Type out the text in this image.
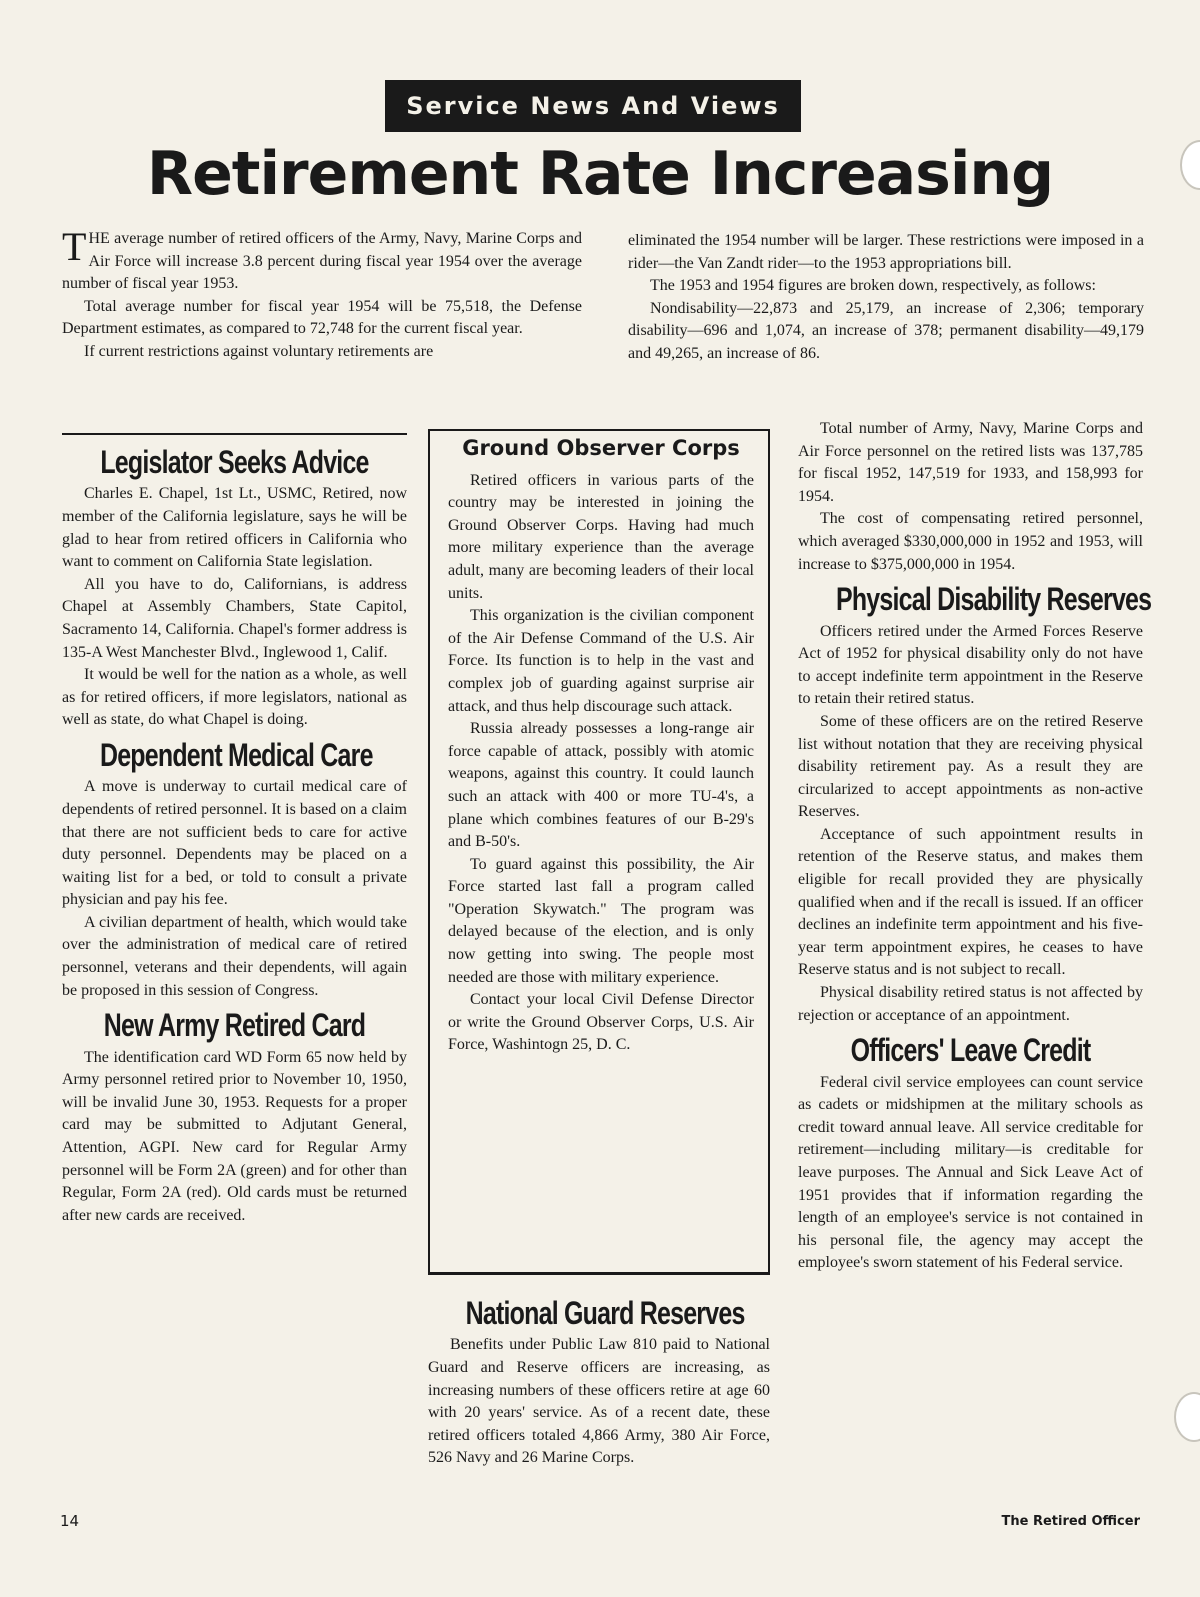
Service News And Views
Retirement Rate Increasing

THE average number of retired officers of the Army, Navy, Marine Corps and Air Force will increase 3.8 percent during fiscal year 1954 over the average number of fiscal year 1953.

Total average number for fiscal year 1954 will be 75,518, the Defense Department estimates, as compared to 72,748 for the current fiscal year.

If current restrictions against voluntary retirements are

eliminated the 1954 number will be larger. These restrictions were imposed in a rider—the Van Zandt rider—to the 1953 appropriations bill.

The 1953 and 1954 figures are broken down, respectively, as follows:

Nondisability—22,873 and 25,179, an increase of 2,306; temporary disability—696 and 1,074, an increase of 378; permanent disability—49,179 and 49,265, an increase of 86.

Legislator Seeks Advice

Charles E. Chapel, 1st Lt., USMC, Retired, now member of the California legislature, says he will be glad to hear from retired officers in California who want to comment on California State legislation.

All you have to do, Californians, is address Chapel at Assembly Chambers, State Capitol, Sacramento 14, California. Chapel's former address is 135-A West Manchester Blvd., Inglewood 1, Calif.

It would be well for the nation as a whole, as well as for retired officers, if more legislators, national as well as state, do what Chapel is doing.

Dependent Medical Care

A move is underway to curtail medical care of dependents of retired personnel. It is based on a claim that there are not sufficient beds to care for active duty personnel. Dependents may be placed on a waiting list for a bed, or told to consult a private physician and pay his fee.

A civilian department of health, which would take over the administration of medical care of retired personnel, veterans and their dependents, will again be proposed in this session of Congress.

New Army Retired Card

The identification card WD Form 65 now held by Army personnel retired prior to November 10, 1950, will be invalid June 30, 1953. Requests for a proper card may be submitted to Adjutant General, Attention, AGPI. New card for Regular Army personnel will be Form 2A (green) and for other than Regular, Form 2A (red). Old cards must be returned after new cards are received.

Ground Observer Corps

Retired officers in various parts of the country may be interested in joining the Ground Observer Corps. Having had much more military experience than the average adult, many are becoming leaders of their local units.

This organization is the civilian component of the Air Defense Command of the U.S. Air Force. Its function is to help in the vast and complex job of guarding against surprise air attack, and thus help discourage such attack.

Russia already possesses a long-range air force capable of attack, possibly with atomic weapons, against this country. It could launch such an attack with 400 or more TU-4's, a plane which combines features of our B-29's and B-50's.

To guard against this possibility, the Air Force started last fall a program called "Operation Skywatch." The program was delayed because of the election, and is only now getting into swing. The people most needed are those with military experience.

Contact your local Civil Defense Director or write the Ground Observer Corps, U.S. Air Force, Washintogn 25, D. C.

National Guard Reserves

Benefits under Public Law 810 paid to National Guard and Reserve officers are increasing, as increasing numbers of these officers retire at age 60 with 20 years' service. As of a recent date, these retired officers totaled 4,866 Army, 380 Air Force, 526 Navy and 26 Marine Corps.

Total number of Army, Navy, Marine Corps and Air Force personnel on the retired lists was 137,785 for fiscal 1952, 147,519 for 1933, and 158,993 for 1954.

The cost of compensating retired personnel, which averaged $330,000,000 in 1952 and 1953, will increase to $375,000,000 in 1954.

Physical Disability Reserves

Officers retired under the Armed Forces Reserve Act of 1952 for physical disability only do not have to accept indefinite term appointment in the Reserve to retain their retired status.

Some of these officers are on the retired Reserve list without notation that they are receiving physical disability retirement pay. As a result they are circularized to accept appointments as non-active Reserves.

Acceptance of such appointment results in retention of the Reserve status, and makes them eligible for recall provided they are physically qualified when and if the recall is issued. If an officer declines an indefinite term appointment and his five-year term appointment expires, he ceases to have Reserve status and is not subject to recall.

Physical disability retired status is not affected by rejection or acceptance of an appointment.

Officers' Leave Credit

Federal civil service employees can count service as cadets or midshipmen at the military schools as credit toward annual leave. All service creditable for retirement—including military—is creditable for leave purposes. The Annual and Sick Leave Act of 1951 provides that if information regarding the length of an employee's service is not contained in his personal file, the agency may accept the employee's sworn statement of his Federal service.

14	The Retired Officer
